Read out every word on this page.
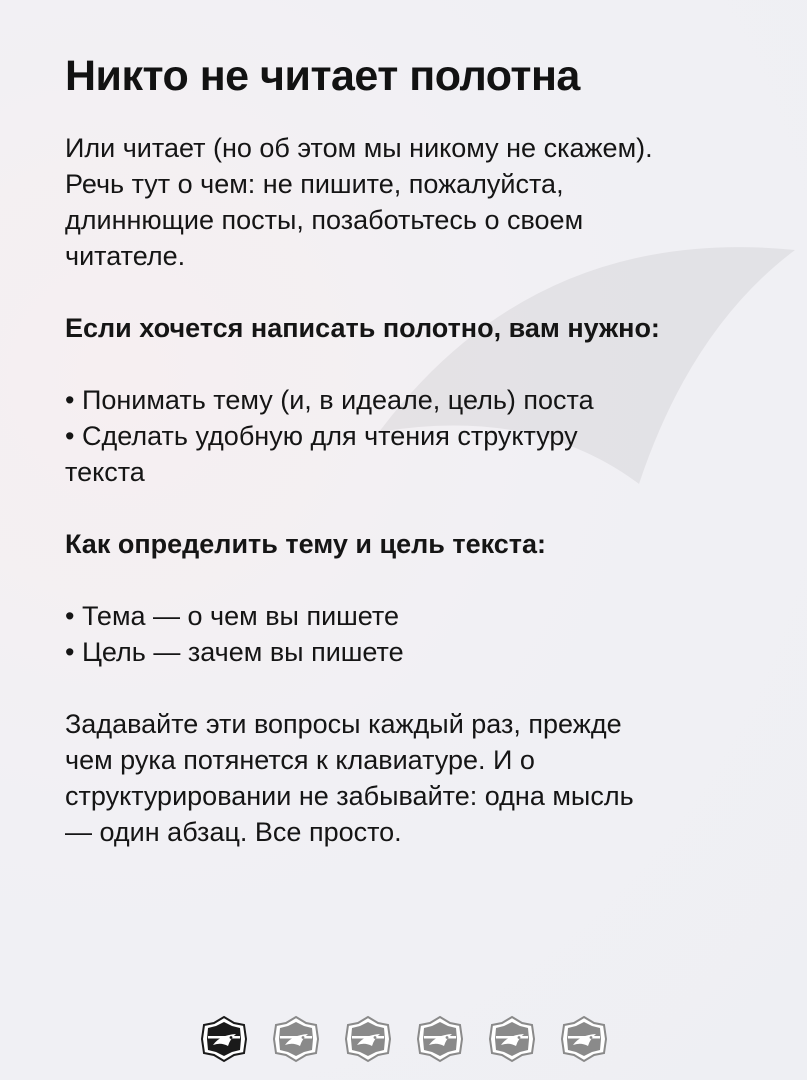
Никто не читает полотна

Или читает (но об этом мы никому не скажем).

Речь тут о чем: не пишите, пожалуйста,

длиннющие посты, позаботьтесь о своем

читателе.

Если хочется написать полотно, вам нужно:

• Понимать тему (и, в идеале, цель) поста

• Сделать удобную для чтения структуру

текста

Как определить тему и цель текста:

• Тема — о чем вы пишете

• Цель — зачем вы пишете

Задавайте эти вопросы каждый раз, прежде

чем рука потянется к клавиатуре. И о

структурировании не забывайте: одна мысль

— один абзац. Все просто.
